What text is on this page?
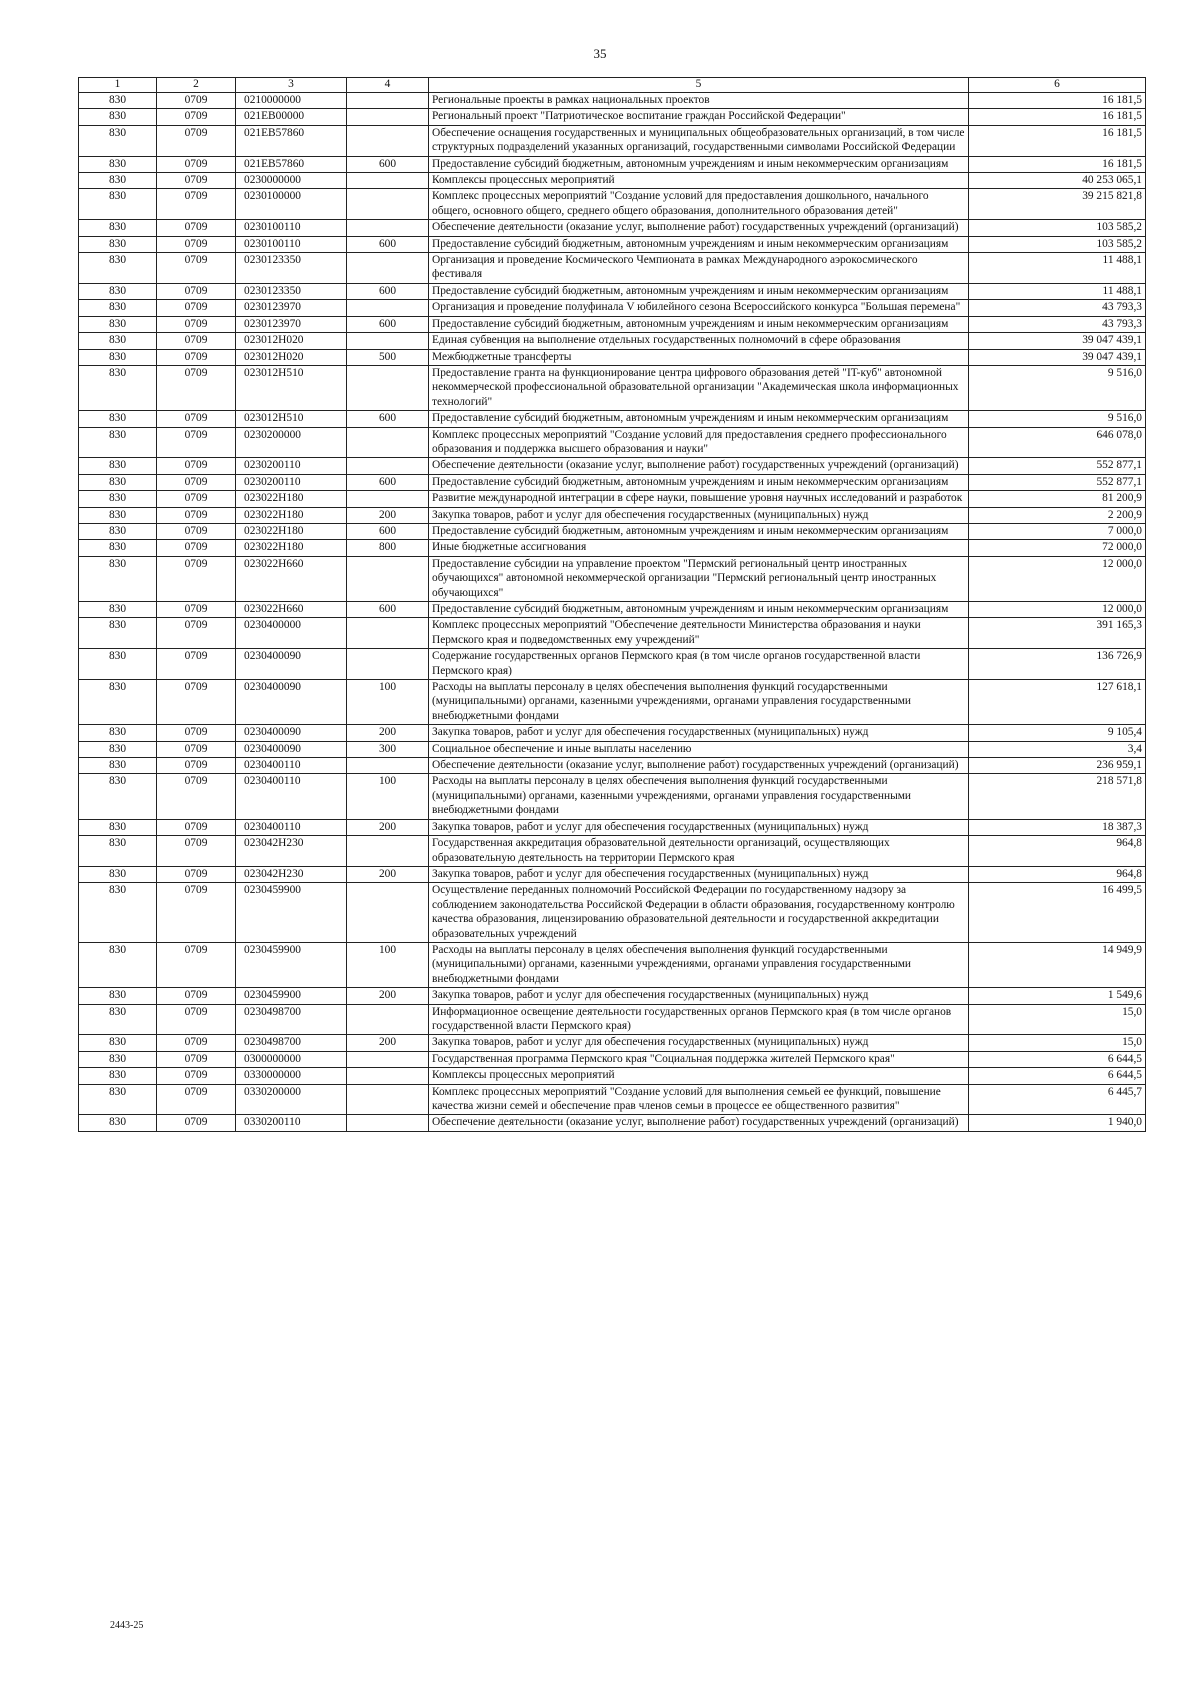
35
1	2	3	4	5	6
830	0709	0210000000		Региональные проекты в рамках национальных проектов	16 181,5
830	0709	021EB00000		Региональный проект "Патриотическое воспитание граждан Российской Федерации"	16 181,5
830	0709	021EB57860		Обеспечение оснащения государственных и муниципальных общеобразовательных организаций, в том числе структурных подразделений указанных организаций, государственными символами Российской Федерации	16 181,5
830	0709	021EB57860	600	Предоставление субсидий бюджетным, автономным учреждениям и иным некоммерческим организациям	16 181,5
830	0709	0230000000		Комплексы процессных мероприятий	40 253 065,1
830	0709	0230100000		Комплекс процессных мероприятий "Создание условий для предоставления дошкольного, начального общего, основного общего, среднего общего образования, дополнительного образования детей"	39 215 821,8
830	0709	0230100110		Обеспечение деятельности (оказание услуг, выполнение работ) государственных учреждений (организаций)	103 585,2
830	0709	0230100110	600	Предоставление субсидий бюджетным, автономным учреждениям и иным некоммерческим организациям	103 585,2
830	0709	0230123350		Организация и проведение Космического Чемпионата в рамках Международного аэрокосмического фестиваля	11 488,1
830	0709	0230123350	600	Предоставление субсидий бюджетным, автономным учреждениям и иным некоммерческим организациям	11 488,1
830	0709	0230123970		Организация и проведение полуфинала V юбилейного сезона Всероссийского конкурса "Большая перемена"	43 793,3
830	0709	0230123970	600	Предоставление субсидий бюджетным, автономным учреждениям и иным некоммерческим организациям	43 793,3
830	0709	023012H020		Единая субвенция на выполнение отдельных государственных полномочий в сфере образования	39 047 439,1
830	0709	023012H020	500	Межбюджетные трансферты	39 047 439,1
830	0709	023012H510		Предоставление гранта на функционирование центра цифрового образования детей "IT-куб" автономной некоммерческой профессиональной образовательной организации "Академическая школа информационных технологий"	9 516,0
830	0709	023012H510	600	Предоставление субсидий бюджетным, автономным учреждениям и иным некоммерческим организациям	9 516,0
830	0709	0230200000		Комплекс процессных мероприятий "Создание условий для предоставления среднего профессионального образования и поддержка высшего образования и науки"	646 078,0
830	0709	0230200110		Обеспечение деятельности (оказание услуг, выполнение работ) государственных учреждений (организаций)	552 877,1
830	0709	0230200110	600	Предоставление субсидий бюджетным, автономным учреждениям и иным некоммерческим организациям	552 877,1
830	0709	023022H180		Развитие международной интеграции в сфере науки, повышение уровня научных исследований и разработок	81 200,9
830	0709	023022H180	200	Закупка товаров, работ и услуг для обеспечения государственных (муниципальных) нужд	2 200,9
830	0709	023022H180	600	Предоставление субсидий бюджетным, автономным учреждениям и иным некоммерческим организациям	7 000,0
830	0709	023022H180	800	Иные бюджетные ассигнования	72 000,0
830	0709	023022H660		Предоставление субсидии на управление проектом "Пермский региональный центр иностранных обучающихся" автономной некоммерческой организации "Пермский региональный центр иностранных обучающихся"	12 000,0
830	0709	023022H660	600	Предоставление субсидий бюджетным, автономным учреждениям и иным некоммерческим организациям	12 000,0
830	0709	0230400000		Комплекс процессных мероприятий "Обеспечение деятельности Министерства образования и науки Пермского края и подведомственных ему учреждений"	391 165,3
830	0709	0230400090		Содержание государственных органов Пермского края (в том числе органов государственной власти Пермского края)	136 726,9
830	0709	0230400090	100	Расходы на выплаты персоналу в целях обеспечения выполнения функций государственными (муниципальными) органами, казенными учреждениями, органами управления государственными внебюджетными фондами	127 618,1
830	0709	0230400090	200	Закупка товаров, работ и услуг для обеспечения государственных (муниципальных) нужд	9 105,4
830	0709	0230400090	300	Социальное обеспечение и иные выплаты населению	3,4
830	0709	0230400110		Обеспечение деятельности (оказание услуг, выполнение работ) государственных учреждений (организаций)	236 959,1
830	0709	0230400110	100	Расходы на выплаты персоналу в целях обеспечения выполнения функций государственными (муниципальными) органами, казенными учреждениями, органами управления государственными внебюджетными фондами	218 571,8
830	0709	0230400110	200	Закупка товаров, работ и услуг для обеспечения государственных (муниципальных) нужд	18 387,3
830	0709	023042H230		Государственная аккредитация образовательной деятельности организаций, осуществляющих образовательную деятельность на территории Пермского края	964,8
830	0709	023042H230	200	Закупка товаров, работ и услуг для обеспечения государственных (муниципальных) нужд	964,8
830	0709	0230459900		Осуществление переданных полномочий Российской Федерации по государственному надзору за соблюдением законодательства Российской Федерации в области образования, государственному контролю качества образования, лицензированию образовательной деятельности и государственной аккредитации образовательных учреждений	16 499,5
830	0709	0230459900	100	Расходы на выплаты персоналу в целях обеспечения выполнения функций государственными (муниципальными) органами, казенными учреждениями, органами управления государственными внебюджетными фондами	14 949,9
830	0709	0230459900	200	Закупка товаров, работ и услуг для обеспечения государственных (муниципальных) нужд	1 549,6
830	0709	0230498700		Информационное освещение деятельности государственных органов Пермского края (в том числе органов государственной власти Пермского края)	15,0
830	0709	0230498700	200	Закупка товаров, работ и услуг для обеспечения государственных (муниципальных) нужд	15,0
830	0709	0300000000		Государственная программа Пермского края "Социальная поддержка жителей Пермского края"	6 644,5
830	0709	0330000000		Комплексы процессных мероприятий	6 644,5
830	0709	0330200000		Комплекс процессных мероприятий "Создание условий для выполнения семьей ее функций, повышение качества жизни семей и обеспечение прав членов семьи в процессе ее общественного развития"	6 445,7
830	0709	0330200110		Обеспечение деятельности (оказание услуг, выполнение работ) государственных учреждений (организаций)	1 940,0
2443-25
